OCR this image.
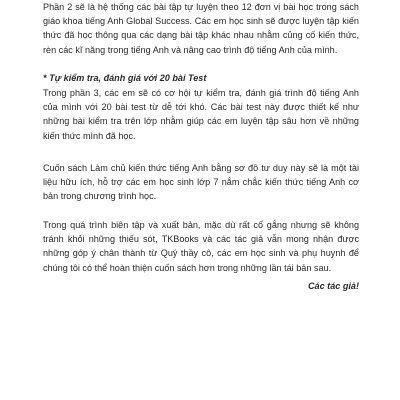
Phần 2 sẽ là hệ thống các bài tập tự luyện theo 12 đơn vị bài học trong sách giáo khoa tiếng Anh Global Success. Các em học sinh sẽ được luyện tập kiến thức đã học thông qua các dạng bài tập khác nhau nhằm củng cố kiến thức, rèn các kĩ năng trong tiếng Anh và nâng cao trình độ tiếng Anh của mình.

* Tự kiểm tra, đánh giá với 20 bài Test

Trong phần 3, các em sẽ có cơ hội tự kiểm tra, đánh giá trình độ tiếng Anh của mình với 20 bài test từ dễ tới khó. Các bài test này được thiết kế như những bài kiểm tra trên lớp nhằm giúp các em luyện tập sâu hơn về những kiến thức mình đã học.

Cuốn sách Làm chủ kiến thức tiếng Anh bằng sơ đồ tư duy này sẽ là một tài liệu hữu ích, hỗ trợ các em học sinh lớp 7 nắm chắc kiến thức tiếng Anh cơ bản trong chương trình học.

Trong quá trình biên tập và xuất bản, mặc dù rất cố gắng nhưng sẽ không tránh khỏi những thiếu sót, TKBooks và các tác giả vẫn mong nhận được những góp ý chân thành từ Quý thầy cô, các em học sinh và phụ huynh để chúng tôi có thể hoàn thiện cuốn sách hơn trong những lần tái bản sau.

Các tác giả!
